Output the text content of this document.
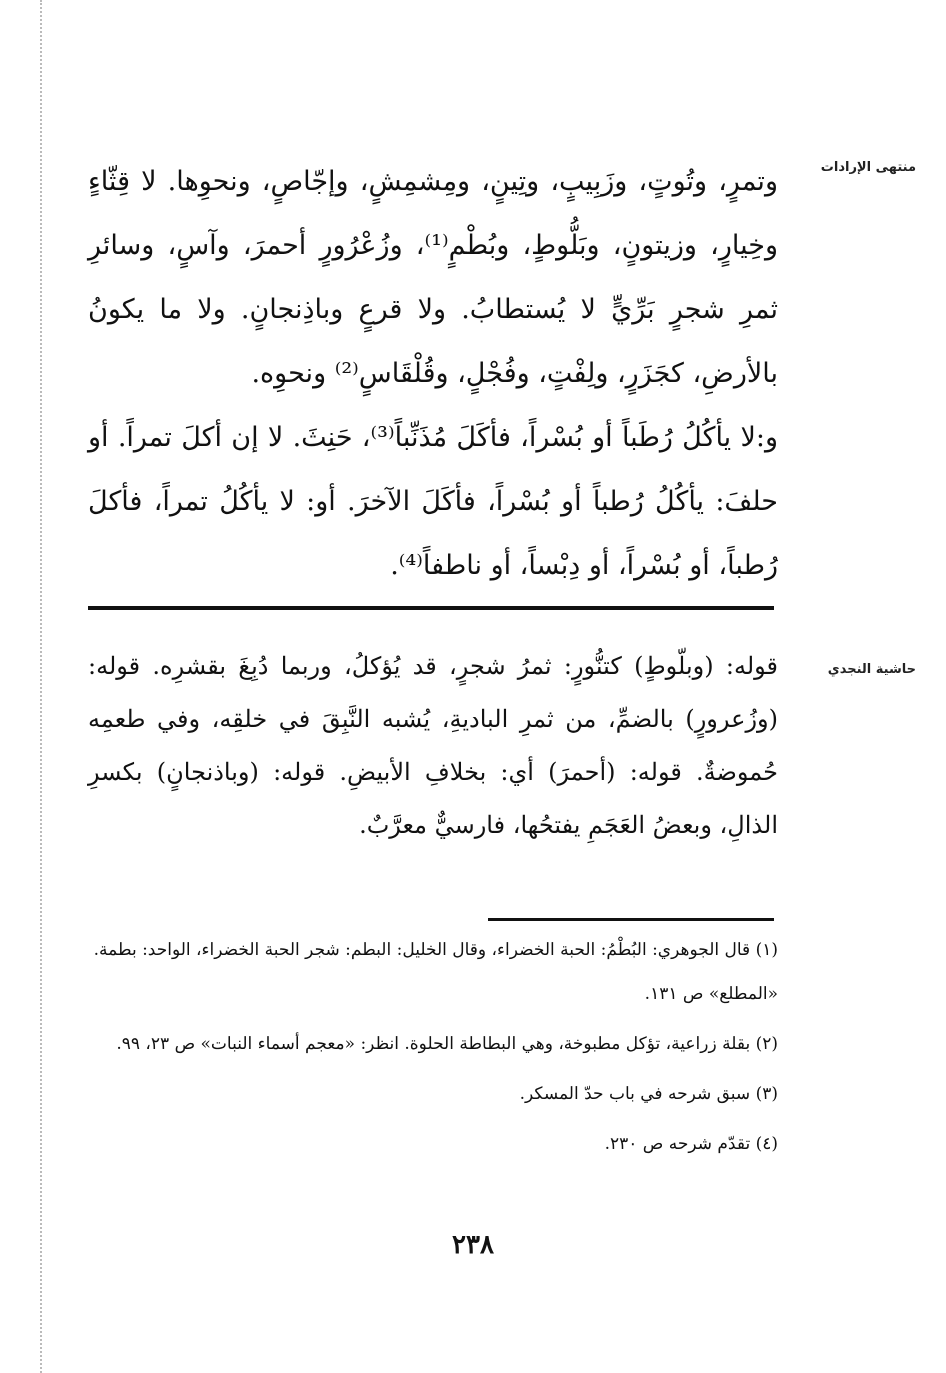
منتهى الإرادات

وتمرٍ، وتُوتٍ، وزَبِيبٍ، وتِينٍ، ومِشمِشٍ، وإجّاصٍ، ونحوِها. لا قِثّاءٍ وخِيارٍ، وزيتونٍ، وبَلُّوطٍ، وبُطْمٍ⁽¹⁾، وزُعْرُورٍ أحمرَ، وآسٍ، وسائرِ ثمرِ شجرٍ بَرِّيٍّ لا يُستطابُ. ولا قرعٍ وباذِنجانٍ. ولا ما يكونُ بالأرضِ، كجَزَرٍ، ولِفْتٍ، وفُجْلٍ، وقُلْقَاسٍ⁽²⁾ ونحوِه.

و:لا يأكُلُ رُطَباً أو بُسْراً، فأكَلَ مُذَنِّباً⁽³⁾، حَنِثَ. لا إن أكلَ تمراً. أو حلفَ: يأكُلُ رُطباً أو بُسْراً، فأكَلَ الآخرَ. أو: لا يأكُلُ تمراً، فأكلَ رُطباً، أو بُسْراً، أو دِبْساً، أو ناطفاً⁽⁴⁾.

حاشية النجدي

قوله: (وبلّوطٍ) كتنُّورٍ: ثمرُ شجرٍ، قد يُؤكلُ، وربما دُبِغَ بقشرِه. قوله: (وزُعرورٍ) بالضمِّ، من ثمرِ الباديةِ، يُشبه النَّبِقَ في خلقِه، وفي طعمِه حُموضةٌ. قوله: (أحمرَ) أي: بخلافِ الأبيضِ. قوله: (وباذنجانٍ) بكسرِ الذالِ، وبعضُ العَجَمِ يفتحُها، فارسيٌّ معرَّبٌ.

(١) قال الجوهري: البُطْمُ: الحبة الخضراء، وقال الخليل: البطم: شجر الحبة الخضراء، الواحد: بطمة. «المطلع» ص ١٣١.

(٢) بقلة زراعية، تؤكل مطبوخة، وهي البطاطة الحلوة. انظر: «معجم أسماء النبات» ص ٢٣، ٩٩.

(٣) سبق شرحه في باب حدّ المسكر.

(٤) تقدّم شرحه ص ٢٣٠.

٢٣٨
